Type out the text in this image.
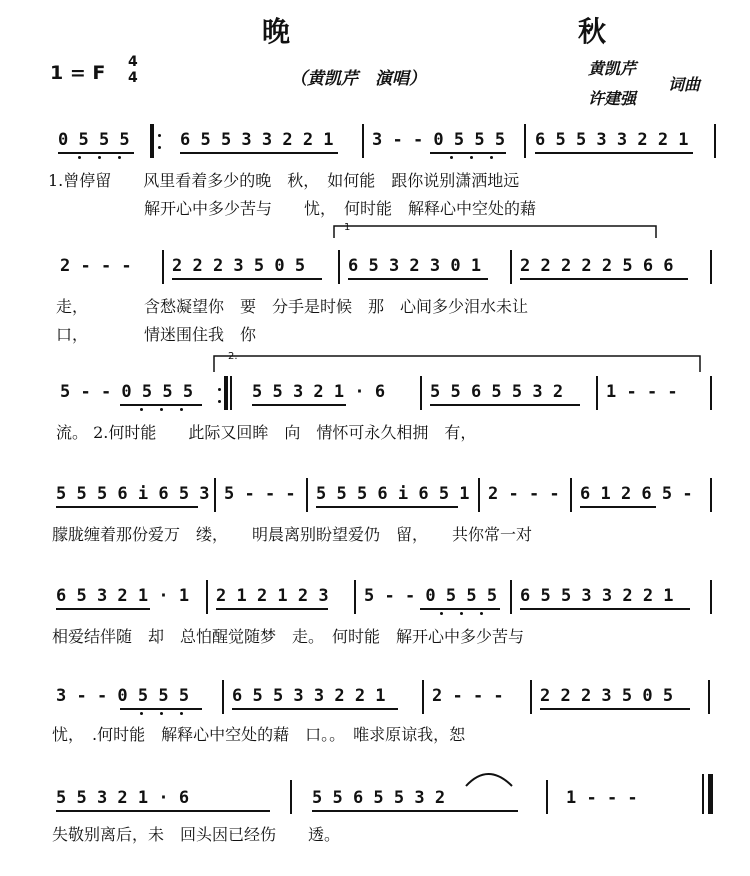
晚　秋
1 = F 4
4	（黄凯芹　演唱）
黄凯芹
许建强
词曲
0 5 5 5	6 5 5 3 3 2 2 1 3 - - 0 5 5 5 6 5 5 3 3 2 2 1
1.曾停留　　风里看着多少的晚　秋，　如何能　跟你说别潇洒地远
　　　　　　解开心中多少苦与　　忧，　何时能　解释心中空处的藉
2 - - - 2 2 2 3 5 0 5	6 5 3 2 3 0 1 2 2 2 2 2 5 6 6
走，　　　　含愁凝望你　要　分手是时候　那　心间多少泪水未让
口，　　　　情迷围住我　你
1
5 - - 0 5 5 5	5 5 3 2 1 · 6	5 5 6 5 5 3 2	1 - - -
流。 2.何时能　　此际又回眸　向　情怀可永久相拥　有，
2.
5 5 5 6 i 6 5 3 5 - - - 5 5 5 6 i 6 5 1 2 - - - 6 1 2 6 5 -
朦胧缠着那份爱万　缕，　　明晨离别盼望爱仍　留，　　共你常一对
6 5 3 2 1 · 1 2 1 2 1 2 3 5 - - 0 5 5 5 6 5 5 3 3 2 2 1
相爱结伴随　却　总怕醒觉随梦　走。　何时能　解开心中多少苦与
3 - - 0 5 5 5	6 5 5 3 3 2 2 1	2 - - - 2 2 2 3 5 0 5
忧，　.何时能　解释心中空处的藉　口。。　唯求原谅我，恕
5 5 3 2 1 · 6	5 5 6 5 5 3 2	1 - - -
失敬别离后，未　回头因已经伤　　透。
